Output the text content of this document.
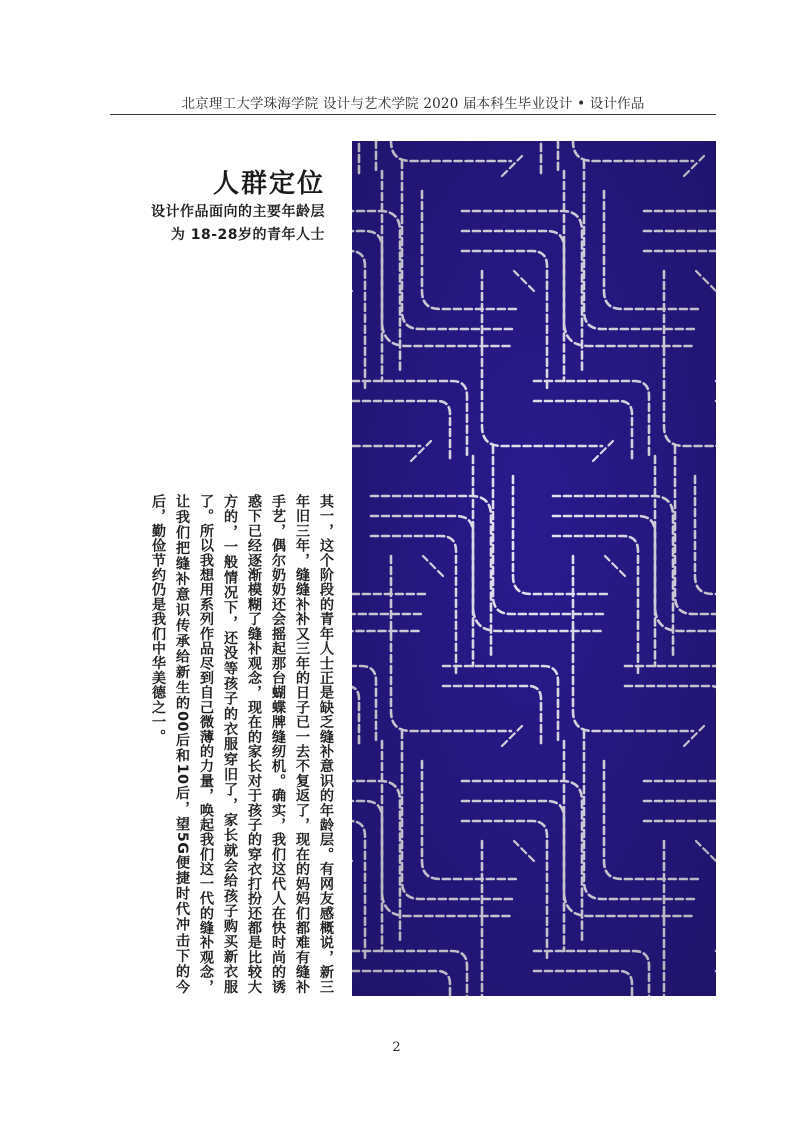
北京理工大学珠海学院 设计与艺术学院 2020 届本科生毕业设计 • 设计作品
人群定位
设计作品面向的主要年龄层
为 18-28岁的青年人士

其一，这个阶段的青年人士正是缺乏缝补意识的年龄层。有网友感概说，新三年旧三年，缝缝补补又三年的日子已一去不复返了，现在的妈妈们都难有缝补手艺，偶尔奶奶还会摇起那台蝴蝶牌缝纫机。确实，我们这代人在快时尚的诱惑下已经逐渐模糊了缝补观念，现在的家长对于孩子的穿衣打扮还都是比较大方的，一般情况下，还没等孩子的衣服穿旧了，家长就会给孩子购买新衣服了。所以我想用系列作品尽到自己微薄的力量，唤起我们这一代的缝补观念，让我们把缝补意识传承给新生的00后和10后，望5G便捷时代冲击下的今后，勤俭节约仍是我们中华美德之一。

2
